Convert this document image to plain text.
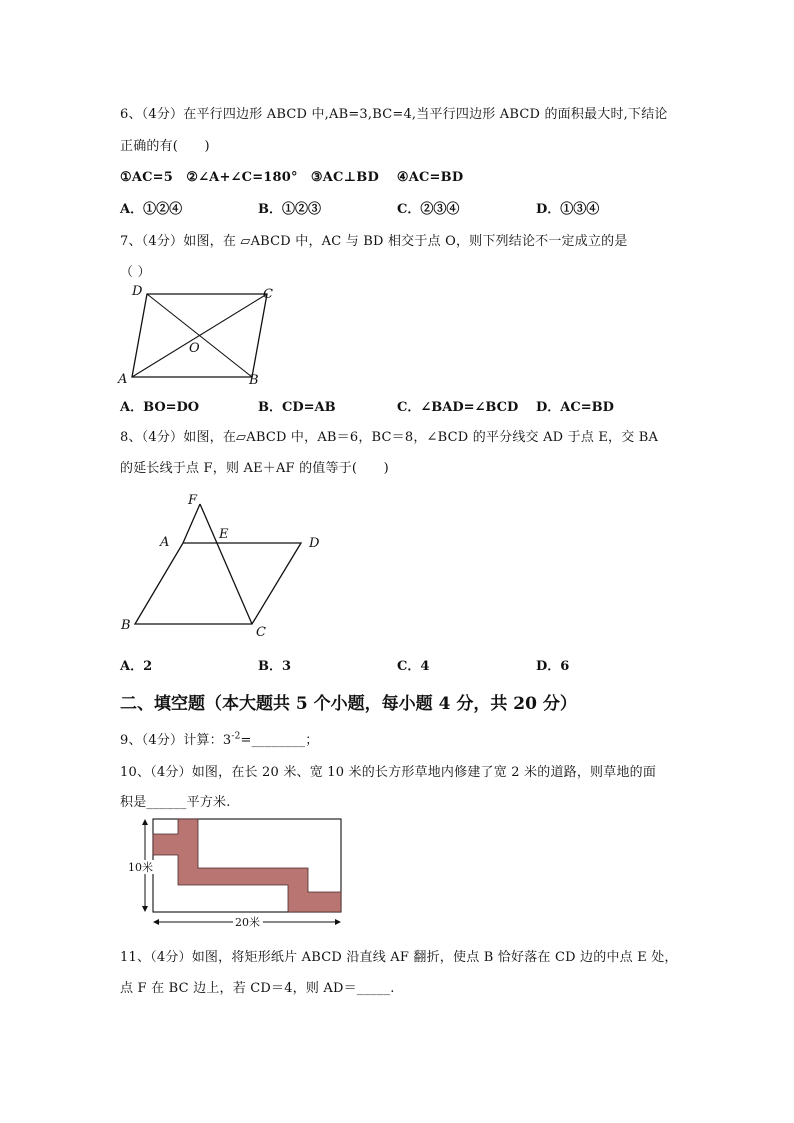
6、（4分）在平行四边形 ABCD 中,AB=3,BC=4,当平行四边形 ABCD 的面积最大时,下结论
正确的有(　　)
①AC=5　②∠A+∠C=180°　③AC⊥BD　 ④AC=BD
A．①②④	B．①②③	C．②③④	D．①③④
7、（4分）如图，在 ▱ABCD 中，AC 与 BD 相交于点 O，则下列结论不一定成立的是
（ ）
D	C
O
A	B
A．BO=DO	B．CD=AB	C．∠BAD=∠BCD D．AC=BD
8、（4分）如图，在▱ABCD 中，AB＝6，BC＝8，∠BCD 的平分线交 AD 于点 E，交 BA
的延长线于点 F，则 AE＋AF 的值等于(　　)
F
A
E
D
B	C
A．2	B．3	C．4	D．6
二、填空题（本大题共 5 个小题，每小题 4 分，共 20 分）
9、（4分）计算：$3^{-2}=\_\_\_\_\_\_\_\_$；
10、（4分）如图，在长 20 米、宽 10 米的长方形草地内修建了宽 2 米的道路，则草地的面
积是______平方米.
10米
20米
11、（4分）如图，将矩形纸片 ABCD 沿直线 AF 翻折，使点 B 恰好落在 CD 边的中点 E 处，
点 F 在 BC 边上，若 CD＝4，则 AD＝_____.
